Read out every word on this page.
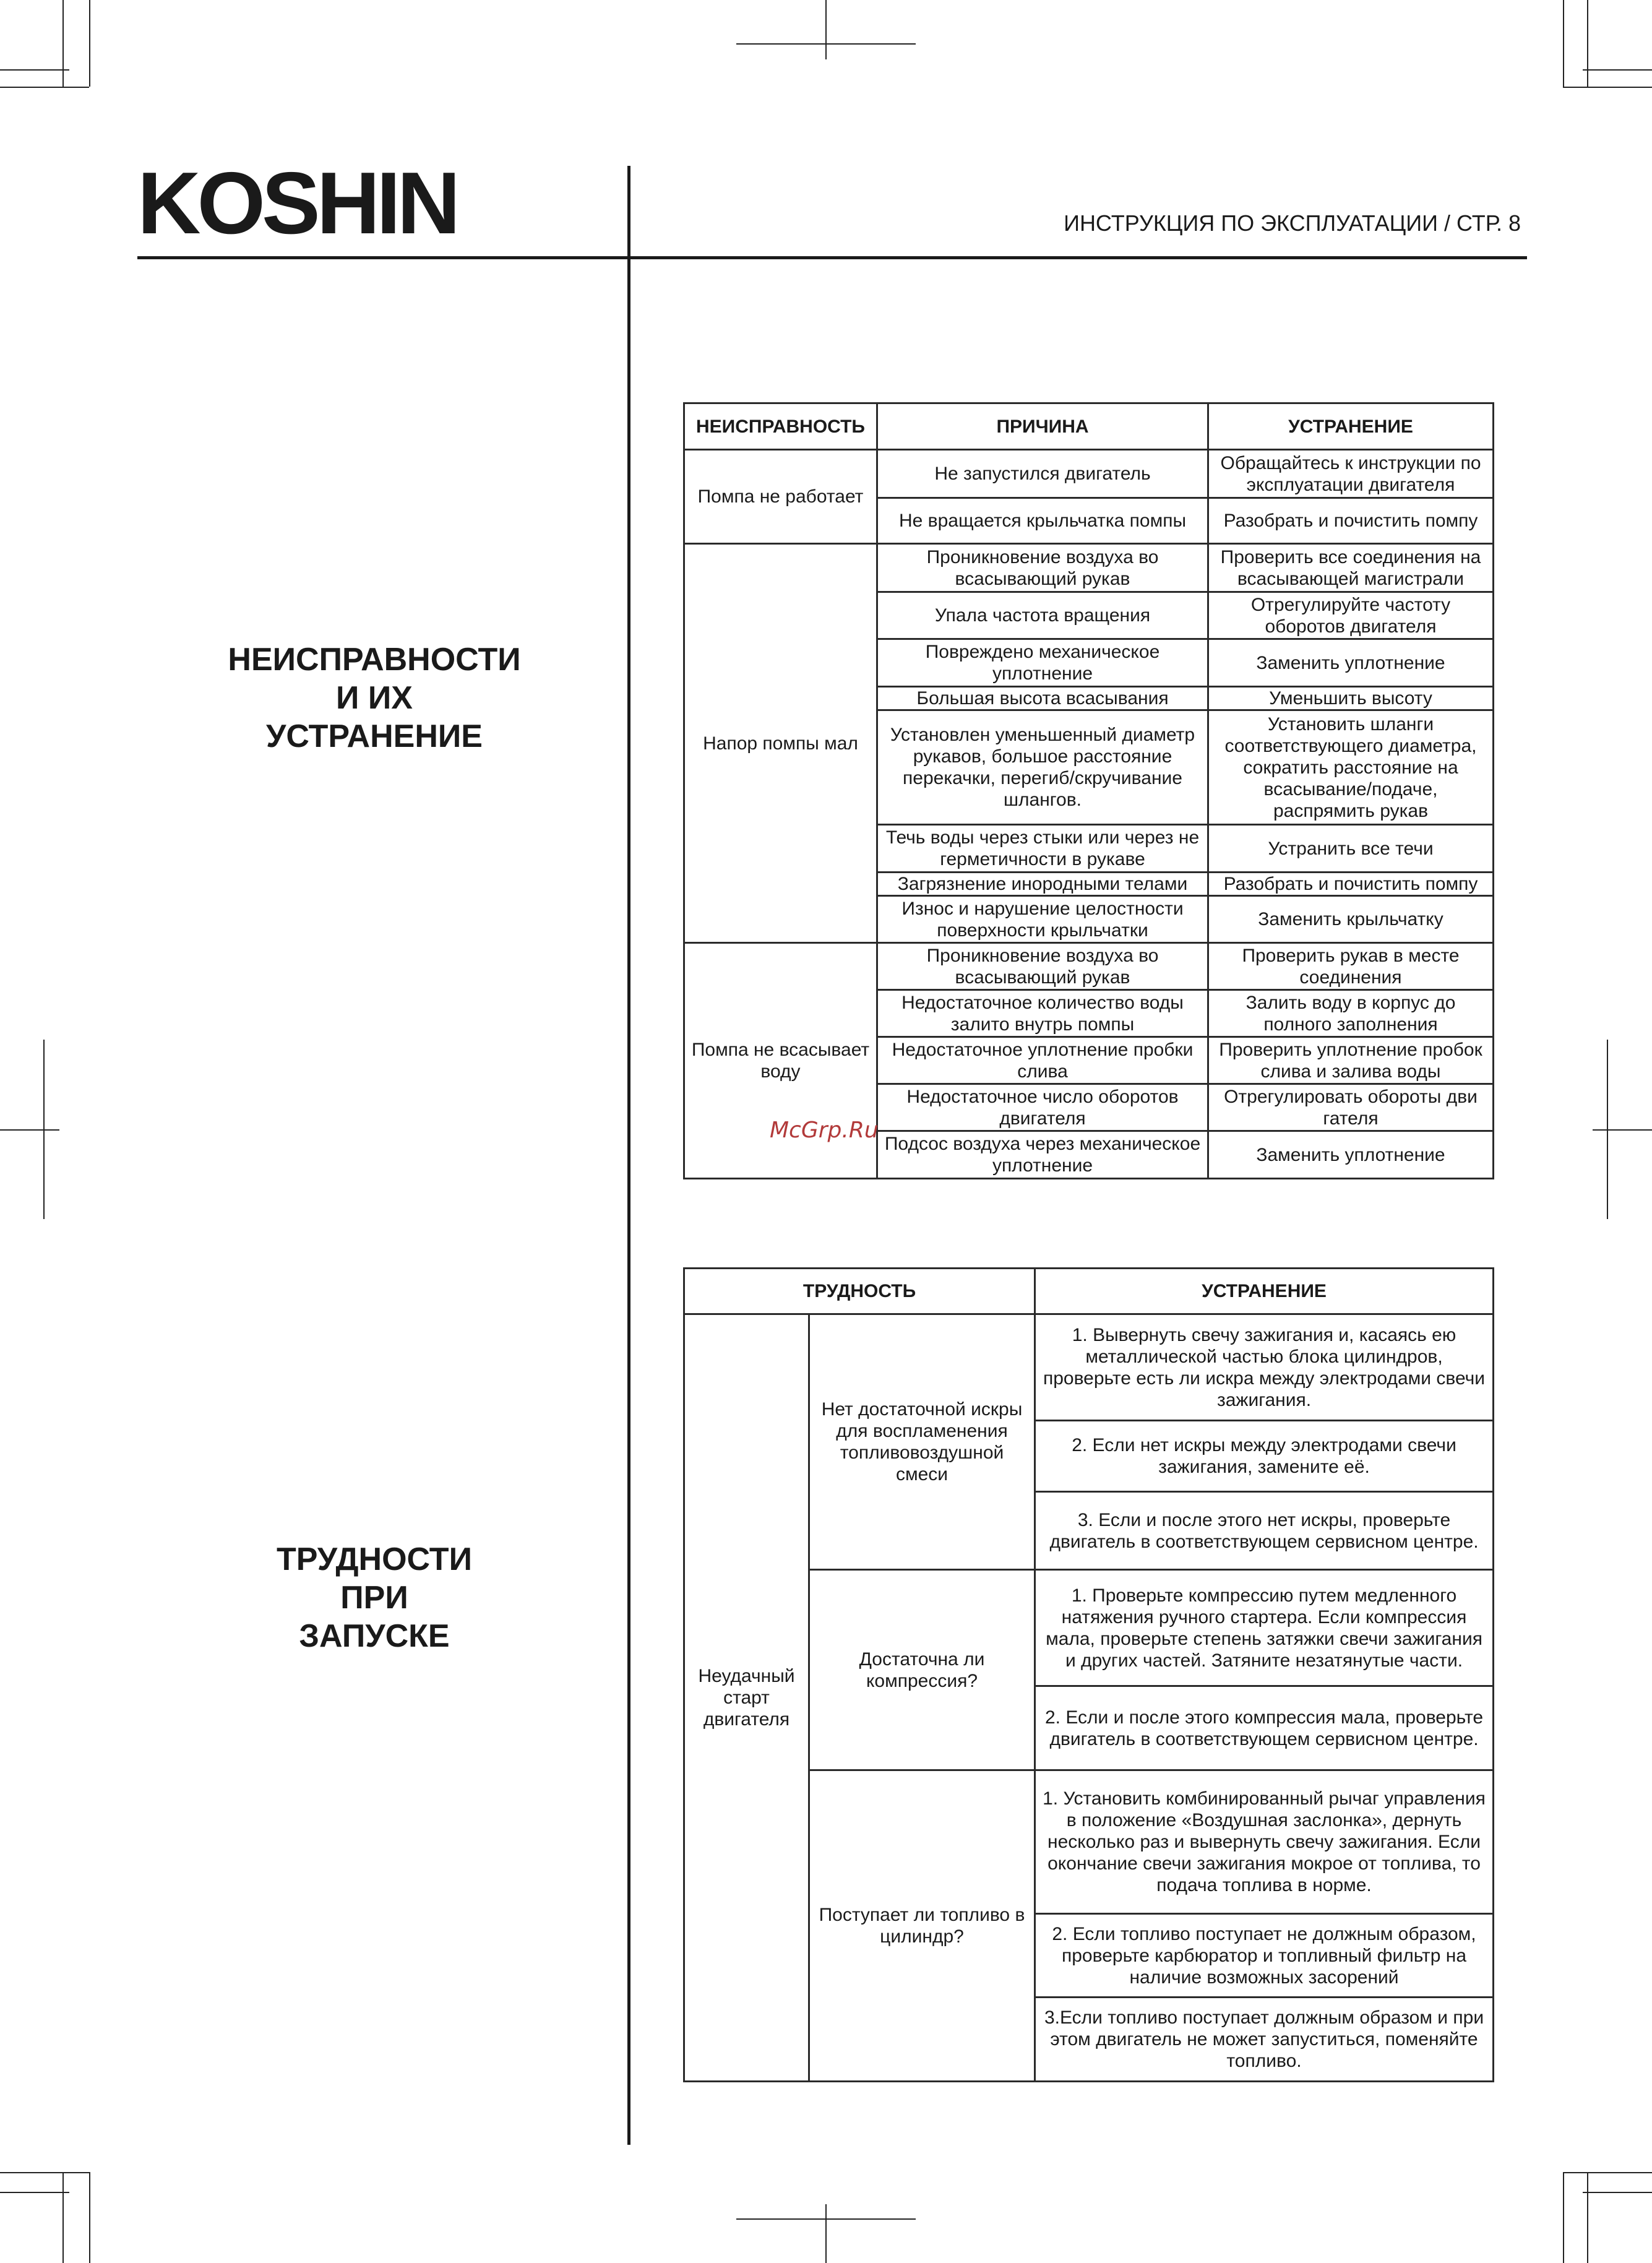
KOSHIN	ИНСТРУКЦИЯ ПО ЭКСПЛУАТАЦИИ / СТР. 8
НЕИСПРАВНОСТИ
И ИХ
УСТРАНЕНИЕ
НЕИСПРАВНОСТЬ	ПРИЧИНА	УСТРАНЕНИЕ
Помпа не работает	Не запустился двигатель	Обращайтесь к инструкции по эксплуатации двигателя
	Не вращается крыльчатка помпы	Разобрать и почистить помпу
Напор помпы мал	Проникновение воздуха во всасывающий рукав	Проверить все соединения на всасывающей магистрали
	Упала частота вращения	Отрегулируйте частоту оборотов двигателя
	Повреждено механическое уплотнение	Заменить уплотнение
	Большая высота всасывания	Уменьшить высоту
	Установлен уменьшенный диаметр рукавов, большое расстояние перекачки, перегиб/скручивание шлангов.	Установить шланги соответствующего диаметра, сократить расстояние на всасывание/подаче, распрямить рукав
	Течь воды через стыки или через не герметичности в рукаве	Устранить все течи
	Загрязнение инородными телами	Разобрать и почистить помпу
	Износ и нарушение целостности поверхности крыльчатки	Заменить крыльчатку
Помпа не всасывает воду	Проникновение воздуха во всасывающий рукав	Проверить рукав в месте соединения
	Недостаточное количество воды залито внутрь помпы	Залить воду в корпус до полного заполнения
	Недостаточное уплотнение пробки слива	Проверить уплотнение пробок слива и залива воды
	Недостаточное число оборотов двигателя	Отрегулировать обороты дви гателя
	Подсос воздуха через механическое уплотнение	Заменить уплотнение
McGrp.Ru
ТРУДНОСТИ
ПРИ
ЗАПУСКЕ
ТРУДНОСТЬ		УСТРАНЕНИЕ
Неудачный старт двигателя	Нет достаточной искры для воспламенения топливовоздушной смеси	1. Вывернуть свечу зажигания и, касаясь ею металлической частью блока цилиндров, проверьте есть ли искра между электродами свечи зажигания.
		2. Если нет искры между электродами свечи зажигания, замените её.
		3. Если и после этого нет искры, проверьте двигатель в соответствующем сервисном центре.
	Достаточна ли компрессия?	1. Проверьте компрессию путем медленного натяжения ручного стартера. Если компрессия мала, проверьте степень затяжки свечи зажигания и других частей. Затяните незатянутые части.
		2. Если и после этого компрессия мала, проверьте двигатель в соответствующем сервисном центре.
	Поступает ли топливо в цилиндр?	1. Установить комбинированный рычаг управления в положение «Воздушная заслонка», дернуть несколько раз и вывернуть свечу зажигания. Если окончание свечи зажигания мокрое от топлива, то подача топлива в норме.
		2. Если топливо поступает не должным образом, проверьте карбюратор и топливный фильтр на наличие возможных засорений
		3.Если топливо поступает должным образом и при этом двигатель не может запуститься, поменяйте топливо.
